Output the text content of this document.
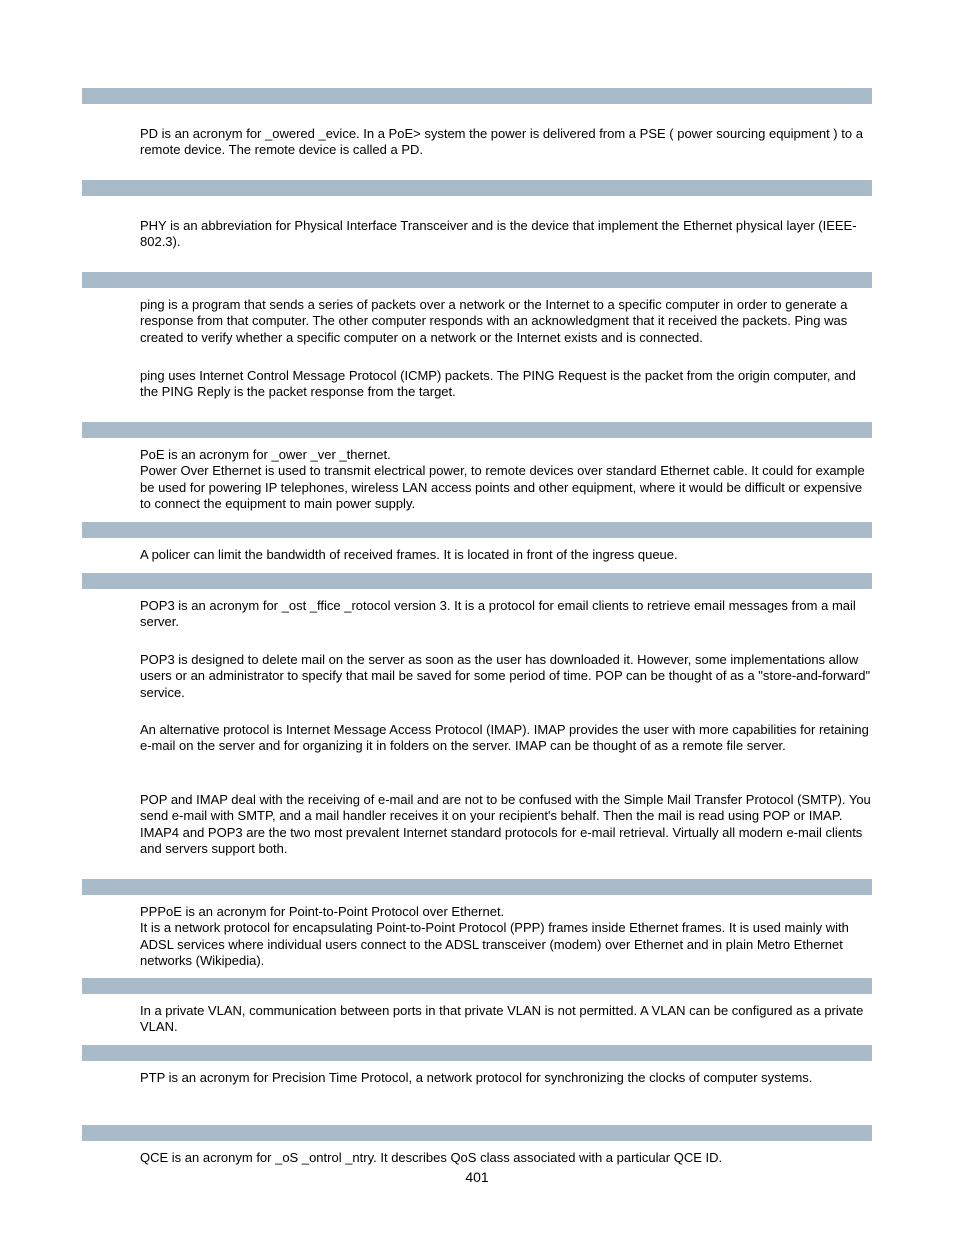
PD is an acronym for _owered _evice. In a PoE> system the power is delivered from a PSE ( power sourcing equipment ) to a remote device. The remote device is called a PD.

PHY is an abbreviation for Physical Interface Transceiver and is the device that implement the Ethernet physical layer (IEEE-802.3).

ping is a program that sends a series of packets over a network or the Internet to a specific computer in order to generate a response from that computer. The other computer responds with an acknowledgment that it received the packets. Ping was created to verify whether a specific computer on a network or the Internet exists and is connected.

ping uses Internet Control Message Protocol (ICMP) packets. The PING Request is the packet from the origin computer, and the PING Reply is the packet response from the target.

PoE is an acronym for _ower _ver _thernet.
Power Over Ethernet is used to transmit electrical power, to remote devices over standard Ethernet cable. It could for example be used for powering IP telephones, wireless LAN access points and other equipment, where it would be difficult or expensive to connect the equipment to main power supply.

A policer can limit the bandwidth of received frames. It is located in front of the ingress queue.

POP3 is an acronym for _ost _ffice _rotocol version 3. It is a protocol for email clients to retrieve email messages from a mail server.

POP3 is designed to delete mail on the server as soon as the user has downloaded it. However, some implementations allow users or an administrator to specify that mail be saved for some period of time. POP can be thought of as a "store-and-forward" service.

An alternative protocol is Internet Message Access Protocol (IMAP). IMAP provides the user with more capabilities for retaining e-mail on the server and for organizing it in folders on the server. IMAP can be thought of as a remote file server.

POP and IMAP deal with the receiving of e-mail and are not to be confused with the Simple Mail Transfer Protocol (SMTP). You send e-mail with SMTP, and a mail handler receives it on your recipient's behalf. Then the mail is read using POP or IMAP. IMAP4 and POP3 are the two most prevalent Internet standard protocols for e-mail retrieval. Virtually all modern e-mail clients and servers support both.

PPPoE is an acronym for Point-to-Point Protocol over Ethernet.
It is a network protocol for encapsulating Point-to-Point Protocol (PPP) frames inside Ethernet frames. It is used mainly with ADSL services where individual users connect to the ADSL transceiver (modem) over Ethernet and in plain Metro Ethernet networks (Wikipedia).

In a private VLAN, communication between ports in that private VLAN is not permitted. A VLAN can be configured as a private VLAN.

PTP is an acronym for Precision Time Protocol, a network protocol for synchronizing the clocks of computer systems.

QCE is an acronym for _oS _ontrol _ntry. It describes QoS class associated with a particular QCE ID.

401
